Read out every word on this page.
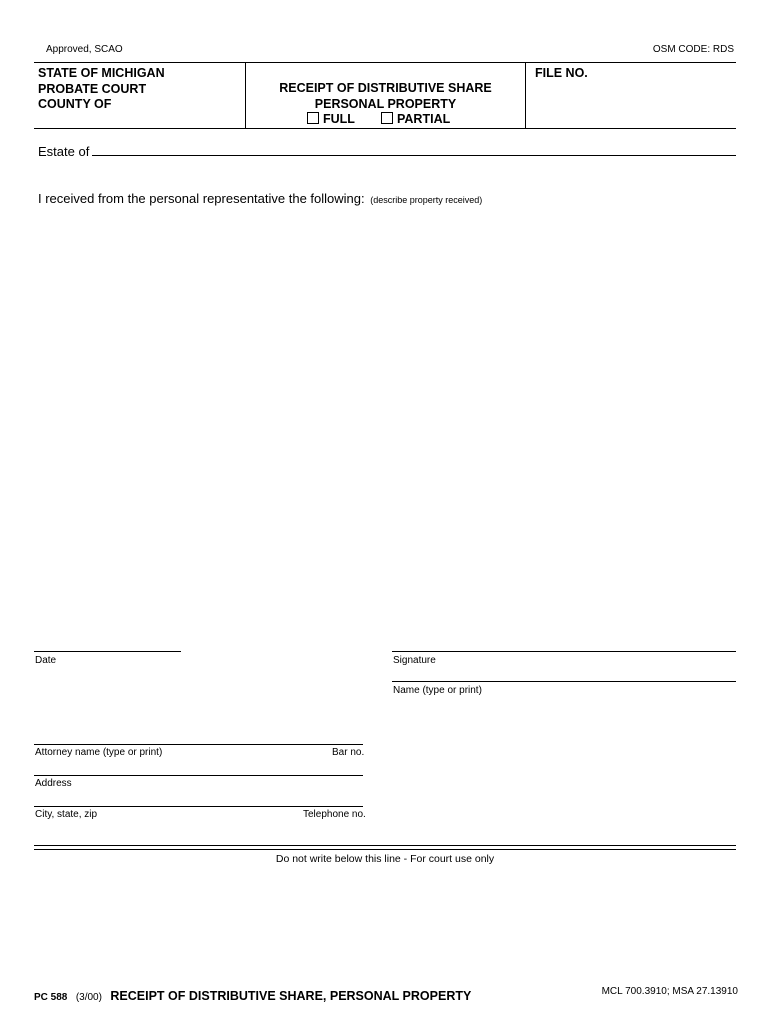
Approved, SCAO	OSM CODE: RDS
STATE OF MICHIGAN
PROBATE COURT
COUNTY OF
RECEIPT OF DISTRIBUTIVE SHARE
PERSONAL PROPERTY
FULL	PARTIAL
FILE NO.
Estate of
I received from the personal representative the following: (describe property received)
Date	Signature
Name (type or print)
Attorney name (type or print)	Bar no.
Address
City, state, zip	Telephone no.
Do not write below this line - For court use only
PC 588 (3/00) RECEIPT OF DISTRIBUTIVE SHARE, PERSONAL PROPERTY	MCL 700.3910; MSA 27.13910
